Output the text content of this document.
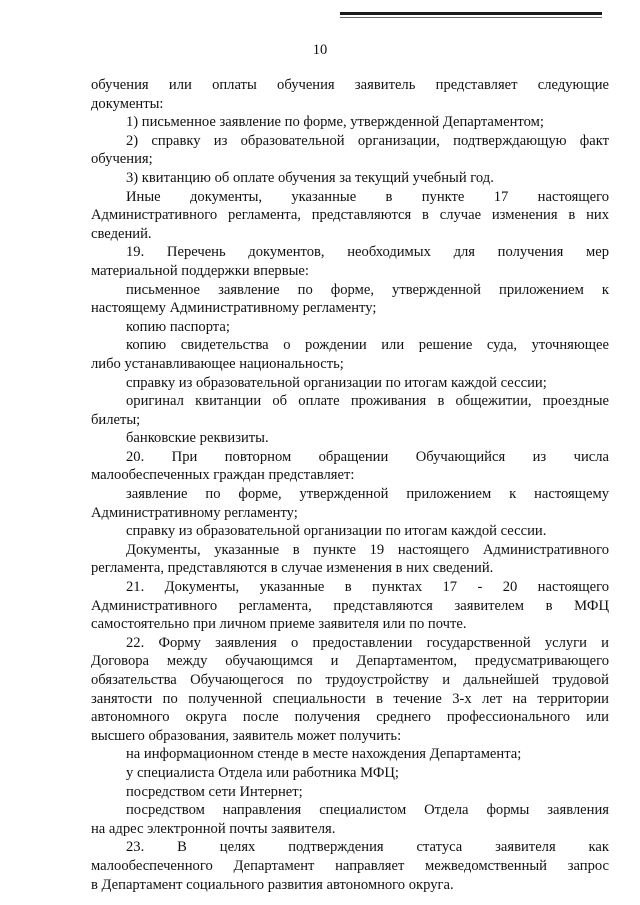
10
обучения или оплаты обучения заявитель представляет следующие
документы:
1) письменное заявление по форме, утвержденной Департаментом;
2) справку из образовательной организации, подтверждающую факт
обучения;
3) квитанцию об оплате обучения за текущий учебный год.
Иные документы, указанные в пункте 17 настоящего
Административного регламента, представляются в случае изменения в них
сведений.
19. Перечень документов, необходимых для получения мер
материальной поддержки впервые:
письменное заявление по форме, утвержденной приложением к
настоящему Административному регламенту;
копию паспорта;
копию свидетельства о рождении или решение суда, уточняющее
либо устанавливающее национальность;
справку из образовательной организации по итогам каждой сессии;
оригинал квитанции об оплате проживания в общежитии, проездные
билеты;
банковские реквизиты.
20. При повторном обращении Обучающийся из числа
малообеспеченных граждан представляет:
заявление по форме, утвержденной приложением к настоящему
Административному регламенту;
справку из образовательной организации по итогам каждой сессии.
Документы, указанные в пункте 19 настоящего Административного
регламента, представляются в случае изменения в них сведений.
21. Документы, указанные в пунктах 17 - 20 настоящего
Административного регламента, представляются заявителем в МФЦ
самостоятельно при личном приеме заявителя или по почте.
22. Форму заявления о предоставлении государственной услуги и
Договора между обучающимся и Департаментом, предусматривающего
обязательства Обучающегося по трудоустройству и дальнейшей трудовой
занятости по полученной специальности в течение 3-х лет на территории
автономного округа после получения среднего профессионального или
высшего образования, заявитель может получить:
на информационном стенде в месте нахождения Департамента;
у специалиста Отдела или работника МФЦ;
посредством сети Интернет;
посредством направления специалистом Отдела формы заявления
на адрес электронной почты заявителя.
23. В целях подтверждения статуса заявителя как
малообеспеченного Департамент направляет межведомственный запрос
в Департамент социального развития автономного округа.
